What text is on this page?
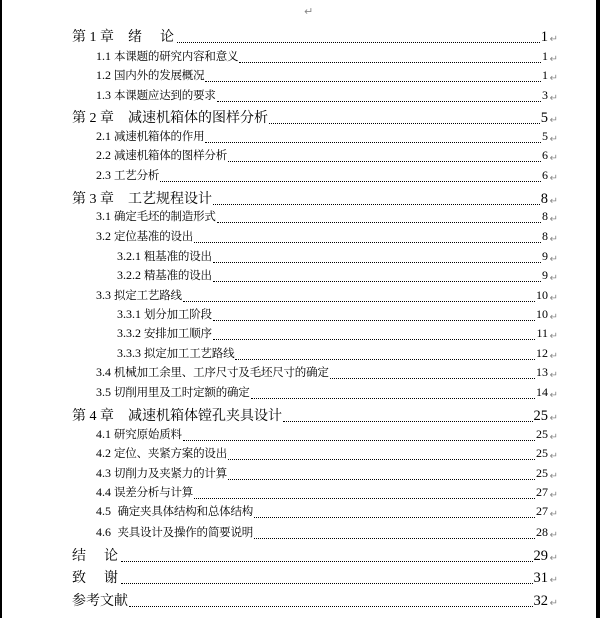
↵
第 1 章 绪　论	1 ↵
1.1 本课题的研究内容和意义	1 ↵
1.2 国内外的发展概况	1 ↵
1.3 本课题应达到的要求	3 ↵
第 2 章 减速机箱体的图样分析	5 ↵
2.1 减速机箱体的作用	5 ↵
2.2 减速机箱体的图样分析	6 ↵
2.3 工艺分析	6 ↵
第 3 章 工艺规程设计	8 ↵
3.1 确定毛坯的制造形式	8 ↵
3.2 定位基准的设出	8 ↵
3.2.1 粗基准的设出	9 ↵
3.2.2 精基准的设出	9 ↵
3.3 拟定工艺路线	10 ↵
3.3.1 划分加工阶段	10 ↵
3.3.2 安排加工顺序	11 ↵
3.3.3 拟定加工工艺路线	12 ↵
3.4 机械加工余里、工序尺寸及毛坯尺寸的确定	13 ↵
3.5 切削用里及工时定额的确定	14 ↵
第 4 章 减速机箱体镗孔夹具设计	25 ↵
4.1 研究原始质料	25 ↵
4.2 定位、夹紧方案的设出	25 ↵
4.3 切削力及夹紧力的计算	25 ↵
4.4 误差分析与计算	27 ↵
4.5 确定夹具体结构和总体结构	27 ↵
4.6 夹具设计及操作的简要说明	28 ↵
结　论	29 ↵
致　谢	31 ↵
参考文献	32 ↵
